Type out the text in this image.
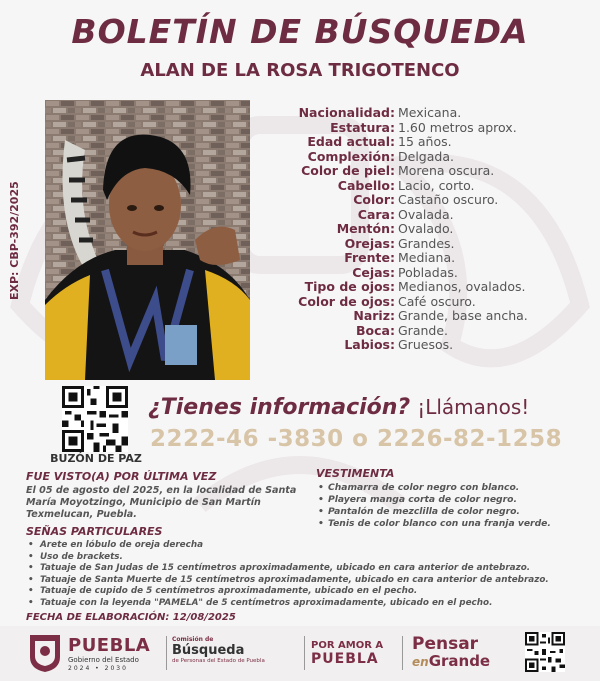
BOLETÍN DE BÚSQUEDA
ALAN DE LA ROSA TRIGOTENCO
EXP: CBP-392/2025
Nacionalidad: Mexicana.
Estatura: 1.60 metros aprox.
Edad actual: 15 años.
Complexión: Delgada.
Color de piel: Morena oscura.
Cabello: Lacio, corto.
Color: Castaño oscuro.
Cara: Ovalada.
Mentón: Ovalado.
Orejas: Grandes.
Frente: Mediana.
Cejas: Pobladas.
Tipo de ojos: Medianos, ovalados.
Color de ojos: Café oscuro.
Nariz: Grande, base ancha.
Boca: Grande.
Labios: Gruesos.
BUZÓN DE PAZ
¿Tienes información? ¡Llámanos!
2222-46 -3830 o 2226-82-1258
FUE VISTO(A) POR ÚLTIMA VEZ
El 05 de agosto del 2025, en la localidad de Santa María Moyotzingo, Municipio de San Martín Texmelucan, Puebla.
VESTIMENTA
• Chamarra de color negro con blanco.
• Playera manga corta de color negro.
• Pantalón de mezclilla de color negro.
• Tenis de color blanco con una franja verde.
SEÑAS PARTICULARES
• Arete en lóbulo de oreja derecha
• Uso de brackets.
• Tatuaje de San Judas de 15 centímetros aproximadamente, ubicado en cara anterior de antebrazo.
• Tatuaje de Santa Muerte de 15 centímetros aproximadamente, ubicado en cara anterior de antebrazo.
• Tatuaje de cupido de 5 centímetros aproximadamente, ubicado en el pecho.
• Tatuaje con la leyenda "PAMELA" de 5 centímetros aproximadamente, ubicado en el pecho.
FECHA DE ELABORACIÓN: 12/08/2025
PUEBLA
Gobierno del Estado
2024 • 2030
Comisión de
Búsqueda
de Personas del Estado de Puebla
POR AMOR A
PUEBLA
Pensar
enGrande
